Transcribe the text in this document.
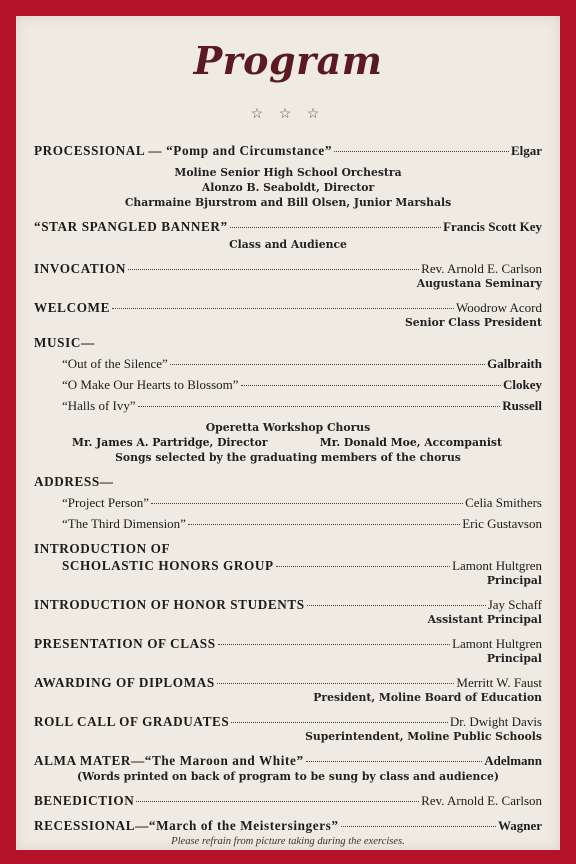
Program
☆ ☆ ☆
PROCESSIONAL — “Pomp and Circumstance”	Elgar
Moline Senior High School Orchestra
Alonzo B. Seaboldt, Director
Charmaine Bjurstrom and Bill Olsen, Junior Marshals
“STAR SPANGLED BANNER”	Francis Scott Key
Class and Audience
INVOCATION	Rev. Arnold E. Carlson
Augustana Seminary
WELCOME	Woodrow Acord
Senior Class President
MUSIC—
“Out of the Silence”	Galbraith
“O Make Our Hearts to Blossom”	Clokey
“Halls of Ivy”	Russell
Operetta Workshop Chorus
Mr. James A. Partridge, Director	Mr. Donald Moe, Accompanist
Songs selected by the graduating members of the chorus
ADDRESS—
“Project Person”	Celia Smithers
“The Third Dimension”	Eric Gustavson
INTRODUCTION OF
SCHOLASTIC HONORS GROUP	Lamont Hultgren
Principal
INTRODUCTION OF HONOR STUDENTS	Jay Schaff
Assistant Principal
PRESENTATION OF CLASS	Lamont Hultgren
Principal
AWARDING OF DIPLOMAS	Merritt W. Faust
President, Moline Board of Education
ROLL CALL OF GRADUATES	Dr. Dwight Davis
Superintendent, Moline Public Schools
ALMA MATER—“The Maroon and White”	Adelmann
(Words printed on back of program to be sung by class and audience)
BENEDICTION	Rev. Arnold E. Carlson
RECESSIONAL—“March of the Meistersingers”	Wagner
Please refrain from picture taking during the exercises.
